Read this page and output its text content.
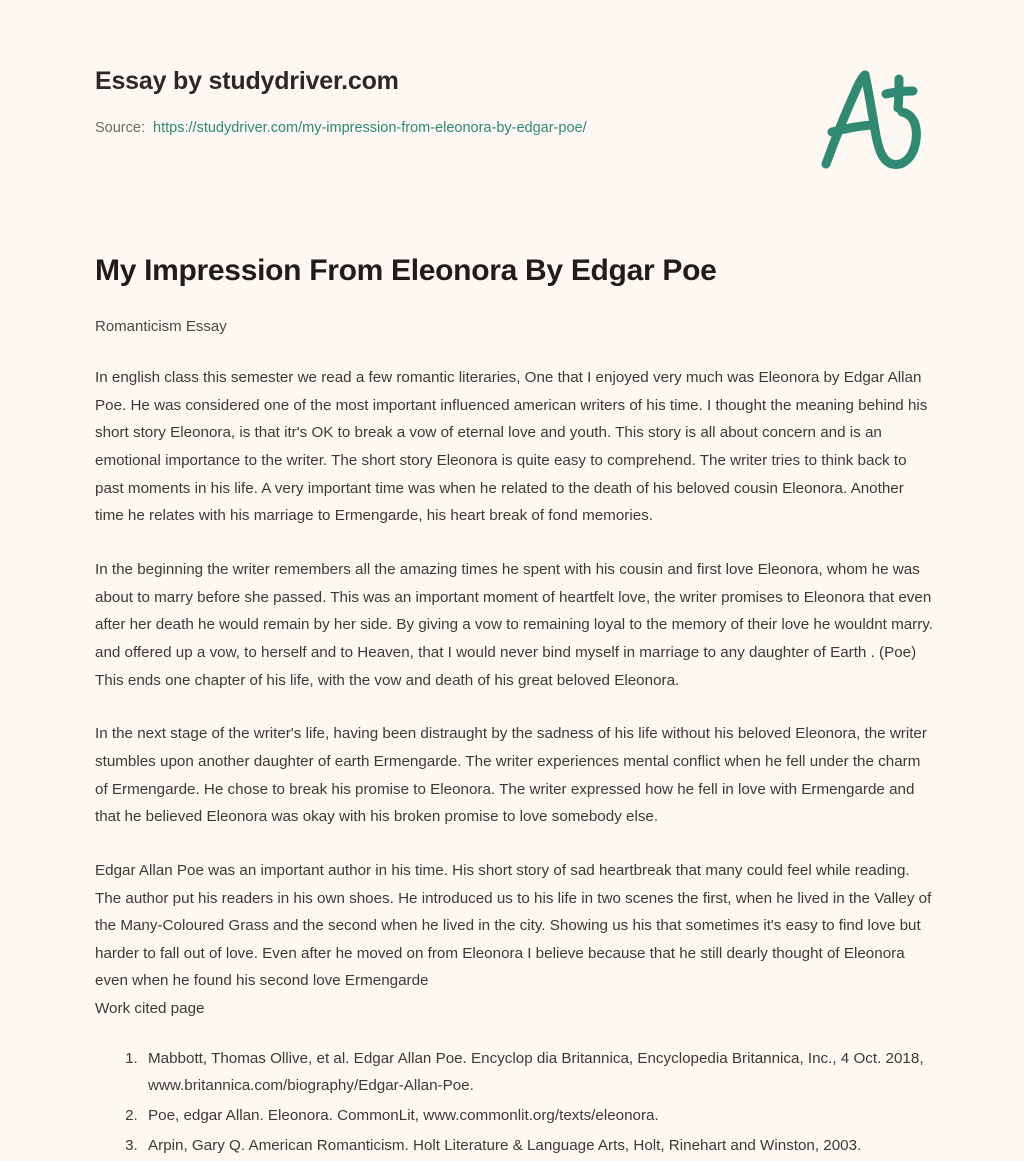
Essay by studydriver.com
Source: https://studydriver.com/my-impression-from-eleonora-by-edgar-poe/
My Impression From Eleonora By Edgar Poe
Romanticism Essay

In english class this semester we read a few romantic literaries, One that I enjoyed very much was Eleonora by Edgar Allan Poe. He was considered one of the most important influenced american writers of his time. I thought the meaning behind his short story Eleonora, is that itr's OK to break a vow of eternal love and youth. This story is all about concern and is an emotional importance to the writer. The short story Eleonora is quite easy to comprehend. The writer tries to think back to past moments in his life. A very important time was when he related to the death of his beloved cousin Eleonora. Another time he relates with his marriage to Ermengarde, his heart break of fond memories.

In the beginning the writer remembers all the amazing times he spent with his cousin and first love Eleonora, whom he was about to marry before she passed. This was an important moment of heartfelt love, the writer promises to Eleonora that even after her death he would remain by her side. By giving a vow to remaining loyal to the memory of their love he wouldnt marry. and offered up a vow, to herself and to Heaven, that I would never bind myself in marriage to any daughter of Earth . (Poe) This ends one chapter of his life, with the vow and death of his great beloved Eleonora.

In the next stage of the writer's life, having been distraught by the sadness of his life without his beloved Eleonora, the writer stumbles upon another daughter of earth Ermengarde. The writer experiences mental conflict when he fell under the charm of Ermengarde. He chose to break his promise to Eleonora. The writer expressed how he fell in love with Ermengarde and that he believed Eleonora was okay with his broken promise to love somebody else.

Edgar Allan Poe was an important author in his time. His short story of sad heartbreak that many could feel while reading. The author put his readers in his own shoes. He introduced us to his life in two scenes the first, when he lived in the Valley of the Many-Coloured Grass and the second when he lived in the city. Showing us his that sometimes it's easy to find love but harder to fall out of love. Even after he moved on from Eleonora I believe because that he still dearly thought of Eleonora even when he found his second love Ermengarde

Work cited page
1. Mabbott, Thomas Ollive, et al. Edgar Allan Poe. Encyclop dia Britannica, Encyclopedia Britannica, Inc., 4 Oct. 2018, www.britannica.com/biography/Edgar-Allan-Poe.
2. Poe, edgar Allan. Eleonora. CommonLit, www.commonlit.org/texts/eleonora.
3. Arpin, Gary Q. American Romanticism. Holt Literature & Language Arts, Holt, Rinehart and Winston, 2003.
